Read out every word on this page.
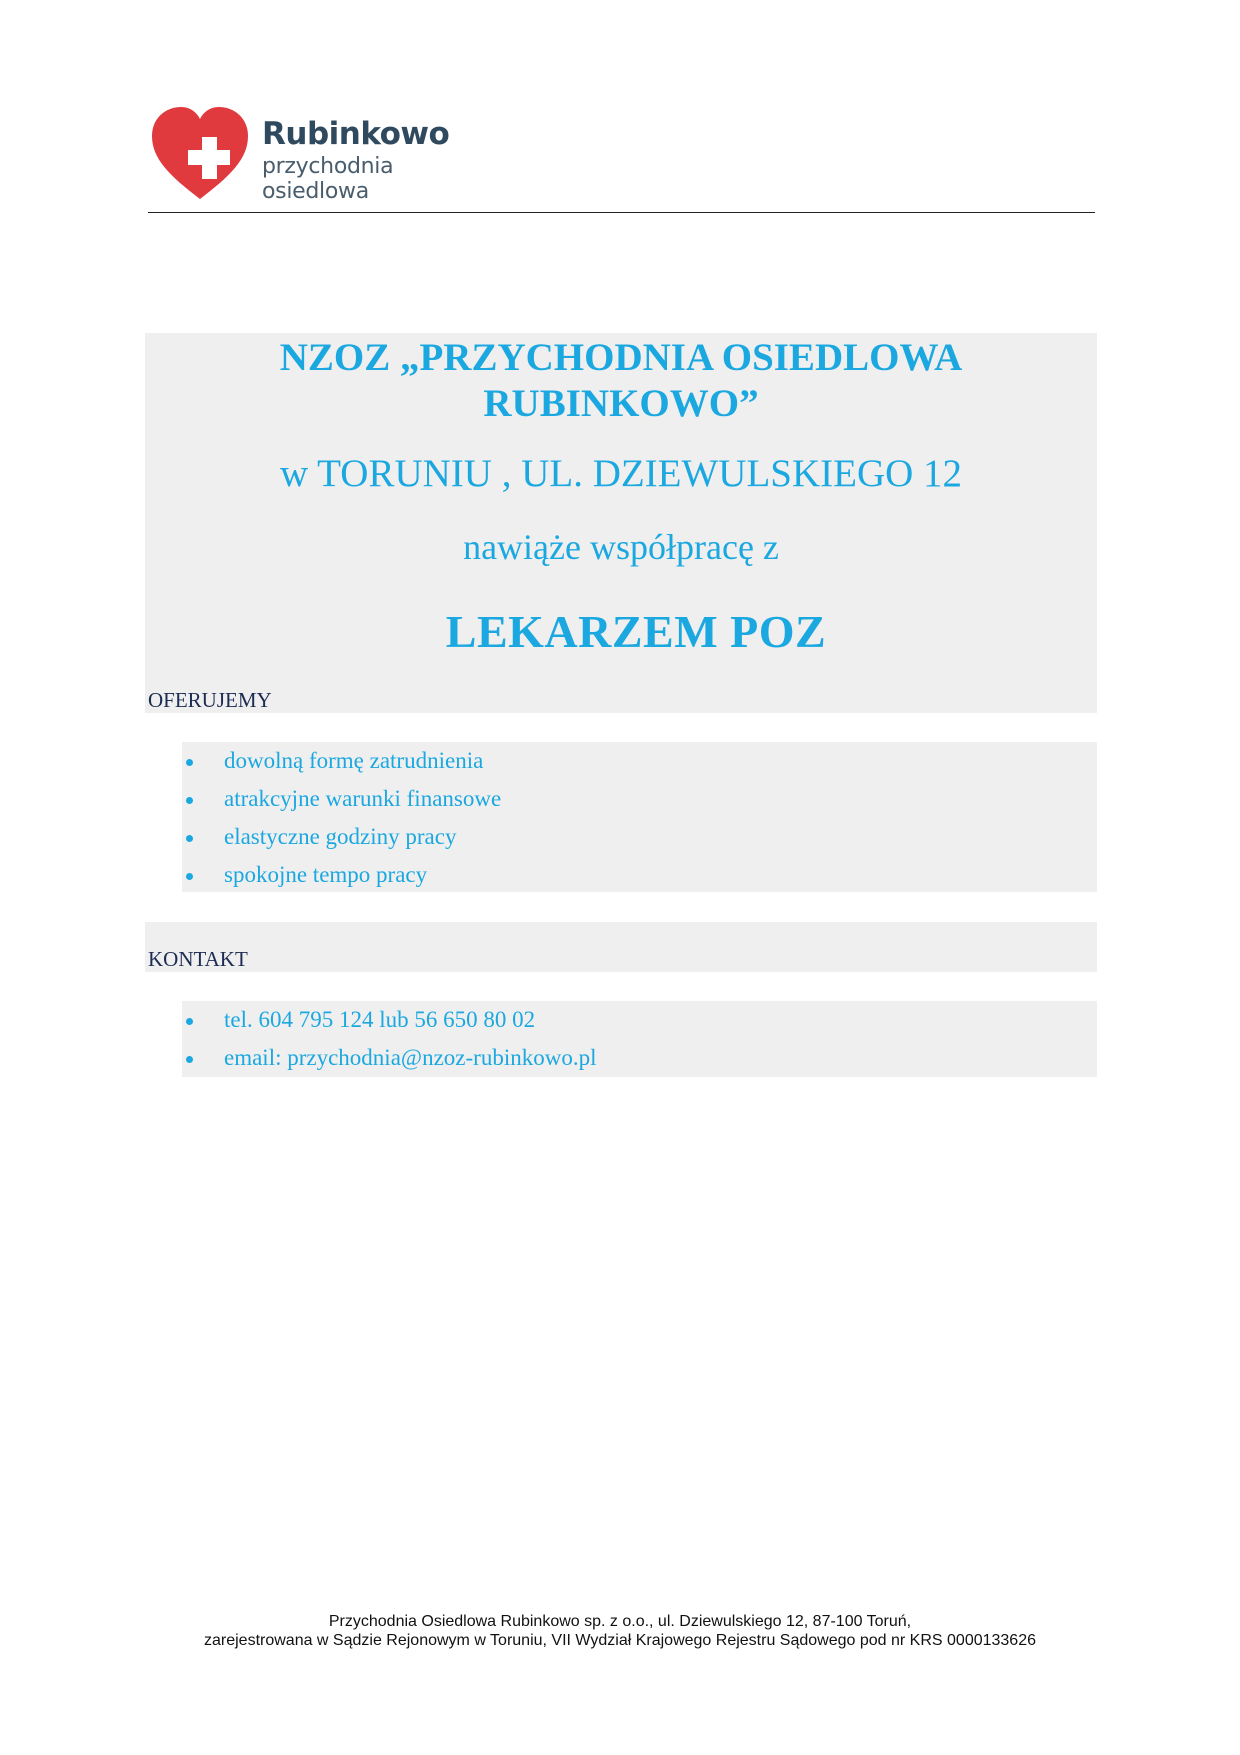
Rubinkowo
przychodnia osiedlowa
NZOZ „PRZYCHODNIA OSIEDLOWA
RUBINKOWO”
w TORUNIU , UL. DZIEWULSKIEGO 12
nawiąże współpracę z
LEKARZEM POZ
OFERUJEMY
dowolną formę zatrudnienia
atrakcyjne warunki finansowe
elastyczne godziny pracy
spokojne tempo pracy
KONTAKT
tel. 604 795 124 lub 56 650 80 02
email: przychodnia@nzoz-rubinkowo.pl
Przychodnia Osiedlowa Rubinkowo sp. z o.o., ul. Dziewulskiego 12, 87-100 Toruń,
zarejestrowana w Sądzie Rejonowym w Toruniu, VII Wydział Krajowego Rejestru Sądowego pod nr KRS 0000133626
